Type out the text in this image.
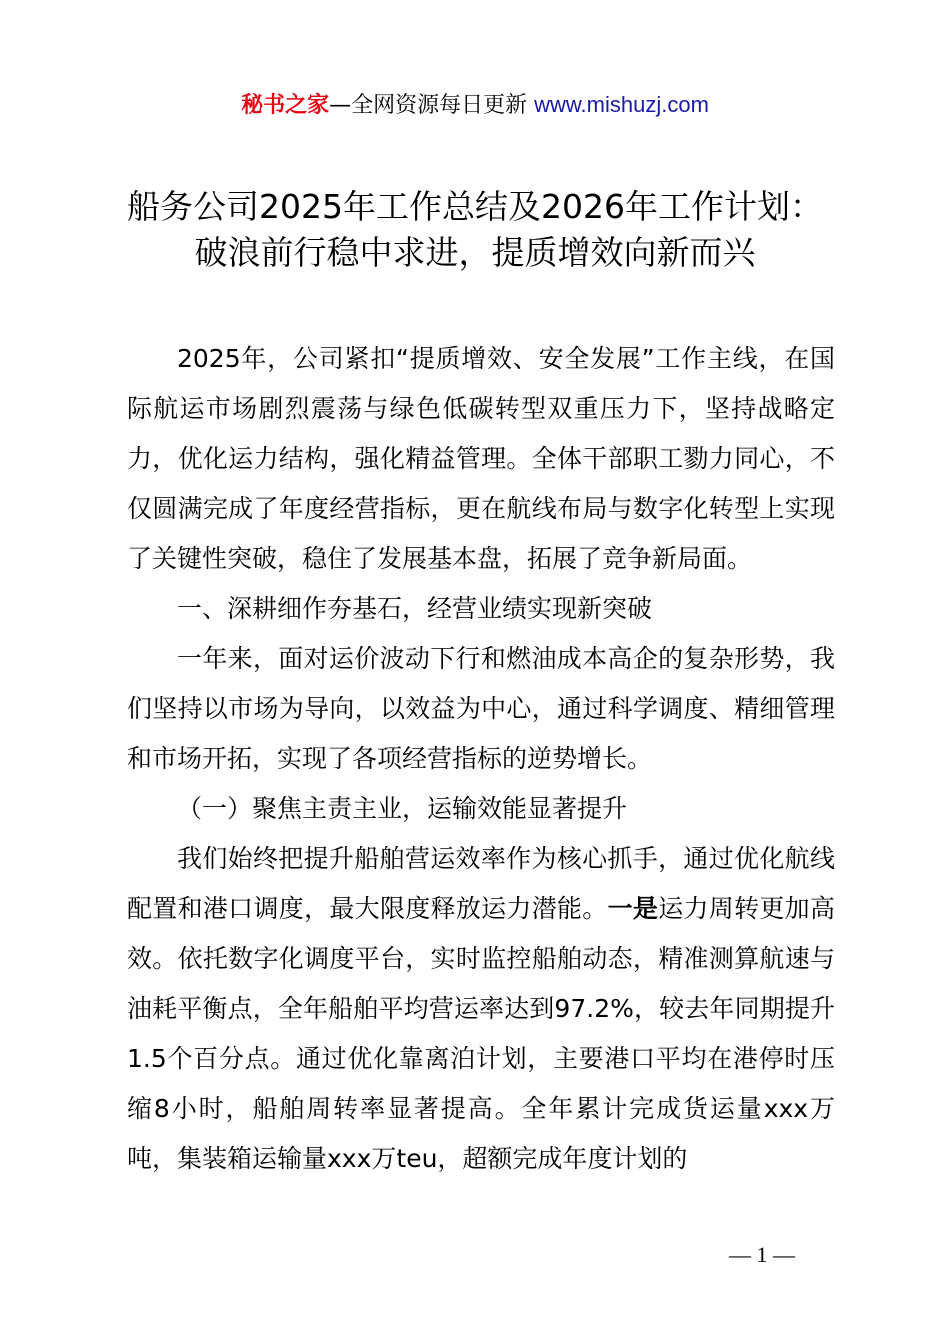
秘书之家—全网资源每日更新 www.mishuzj.com
船务公司2025年工作总结及2026年工作计划：
破浪前行稳中求进，提质增效向新而兴

2025年，公司紧扣“提质增效、安全发展”工作主线，在国际航运市场剧烈震荡与绿色低碳转型双重压力下，坚持战略定力，优化运力结构，强化精益管理。全体干部职工勠力同心，不仅圆满完成了年度经营指标，更在航线布局与数字化转型上实现了关键性突破，稳住了发展基本盘，拓展了竞争新局面。

一、深耕细作夯基石，经营业绩实现新突破

一年来，面对运价波动下行和燃油成本高企的复杂形势，我们坚持以市场为导向，以效益为中心，通过科学调度、精细管理和市场开拓，实现了各项经营指标的逆势增长。

（一）聚焦主责主业，运输效能显著提升

我们始终把提升船舶营运效率作为核心抓手，通过优化航线配置和港口调度，最大限度释放运力潜能。一是运力周转更加高效。依托数字化调度平台，实时监控船舶动态，精准测算航速与油耗平衡点，全年船舶平均营运率达到97.2%，较去年同期提升1.5个百分点。通过优化靠离泊计划，主要港口平均在港停时压缩8小时，船舶周转率显著提高。全年累计完成货运量xxx万吨，集装箱运输量xxx万teu，超额完成年度计划的

— 1 —
